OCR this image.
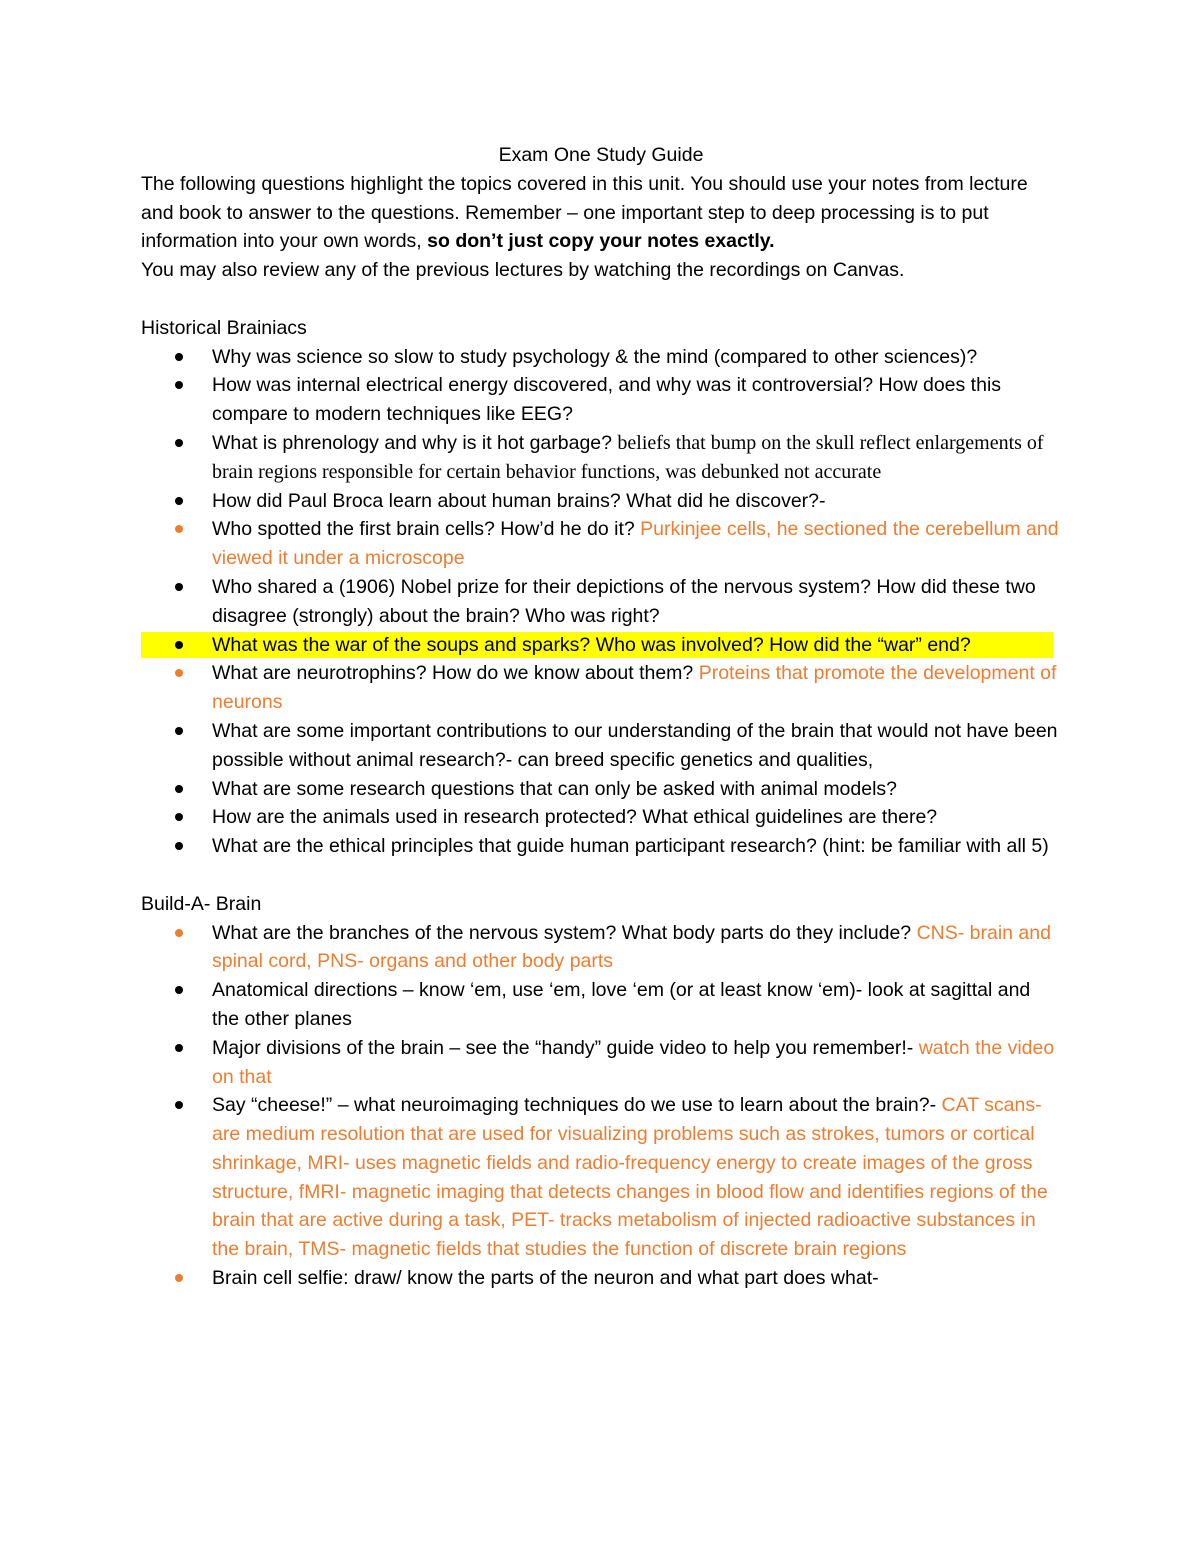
Exam One Study Guide

The following questions highlight the topics covered in this unit. You should use your notes from lecture and book to answer to the questions. Remember – one important step to deep processing is to put information into your own words, so don’t just copy your notes exactly.
You may also review any of the previous lectures by watching the recordings on Canvas.

Historical Brainiacs
Why was science so slow to study psychology & the mind (compared to other sciences)?
How was internal electrical energy discovered, and why was it controversial? How does this compare to modern techniques like EEG?
What is phrenology and why is it hot garbage? beliefs that bump on the skull reflect enlargements of brain regions responsible for certain behavior functions, was debunked not accurate
How did Paul Broca learn about human brains? What did he discover?-
Who spotted the first brain cells? How’d he do it? Purkinjee cells, he sectioned the cerebellum and viewed it under a microscope
Who shared a (1906) Nobel prize for their depictions of the nervous system? How did these two disagree (strongly) about the brain? Who was right?
What was the war of the soups and sparks? Who was involved? How did the “war” end?
What are neurotrophins? How do we know about them? Proteins that promote the development of neurons
What are some important contributions to our understanding of the brain that would not have been possible without animal research?- can breed specific genetics and qualities,
What are some research questions that can only be asked with animal models?
How are the animals used in research protected? What ethical guidelines are there?
What are the ethical principles that guide human participant research? (hint: be familiar with all 5)
Build-A- Brain
What are the branches of the nervous system? What body parts do they include? CNS- brain and spinal cord, PNS- organs and other body parts
Anatomical directions – know ‘em, use ‘em, love ‘em (or at least know ‘em)- look at sagittal and the other planes
Major divisions of the brain – see the “handy” guide video to help you remember!- watch the video on that
Say “cheese!” – what neuroimaging techniques do we use to learn about the brain?- CAT scans- are medium resolution that are used for visualizing problems such as strokes, tumors or cortical shrinkage, MRI- uses magnetic fields and radio-frequency energy to create images of the gross structure, fMRI- magnetic imaging that detects changes in blood flow and identifies regions of the brain that are active during a task, PET- tracks metabolism of injected radioactive substances in the brain, TMS- magnetic fields that studies the function of discrete brain regions
Brain cell selfie: draw/ know the parts of the neuron and what part does what-
